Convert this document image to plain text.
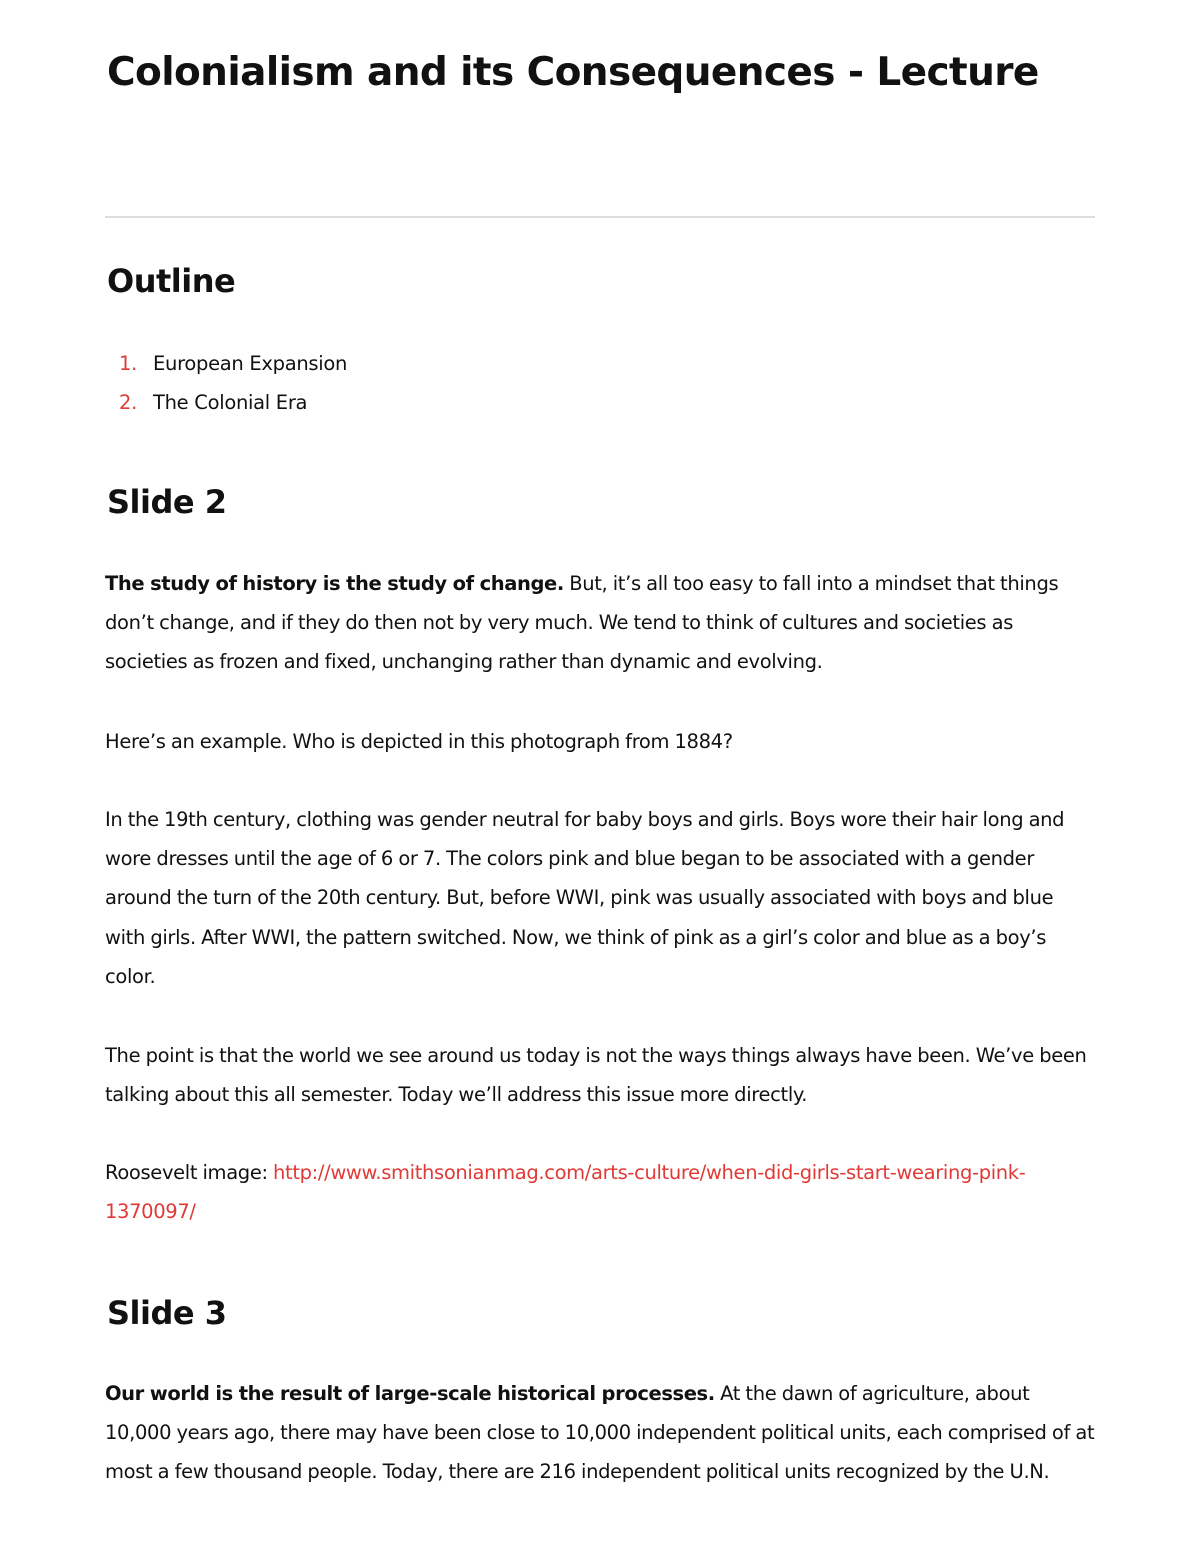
Colonialism and its Consequences - Lecture
Outline
1. European Expansion
2. The Colonial Era
Slide 2

The study of history is the study of change. But, it’s all too easy to fall into a mindset that things don’t change, and if they do then not by very much. We tend to think of cultures and societies as societies as frozen and fixed, unchanging rather than dynamic and evolving.

Here’s an example. Who is depicted in this photograph from 1884?

In the 19th century, clothing was gender neutral for baby boys and girls. Boys wore their hair long and wore dresses until the age of 6 or 7. The colors pink and blue began to be associated with a gender around the turn of the 20th century. But, before WWI, pink was usually associated with boys and blue with girls. After WWI, the pattern switched. Now, we think of pink as a girl’s color and blue as a boy’s color.

The point is that the world we see around us today is not the ways things always have been. We’ve been talking about this all semester. Today we’ll address this issue more directly.

Roosevelt image: http://www.smithsonianmag.com/arts-culture/when-did-girls-start-wearing-pink-1370097/

Slide 3

Our world is the result of large-scale historical processes. At the dawn of agriculture, about 10,000 years ago, there may have been close to 10,000 independent political units, each comprised of at most a few thousand people. Today, there are 216 independent political units recognized by the U.N.
